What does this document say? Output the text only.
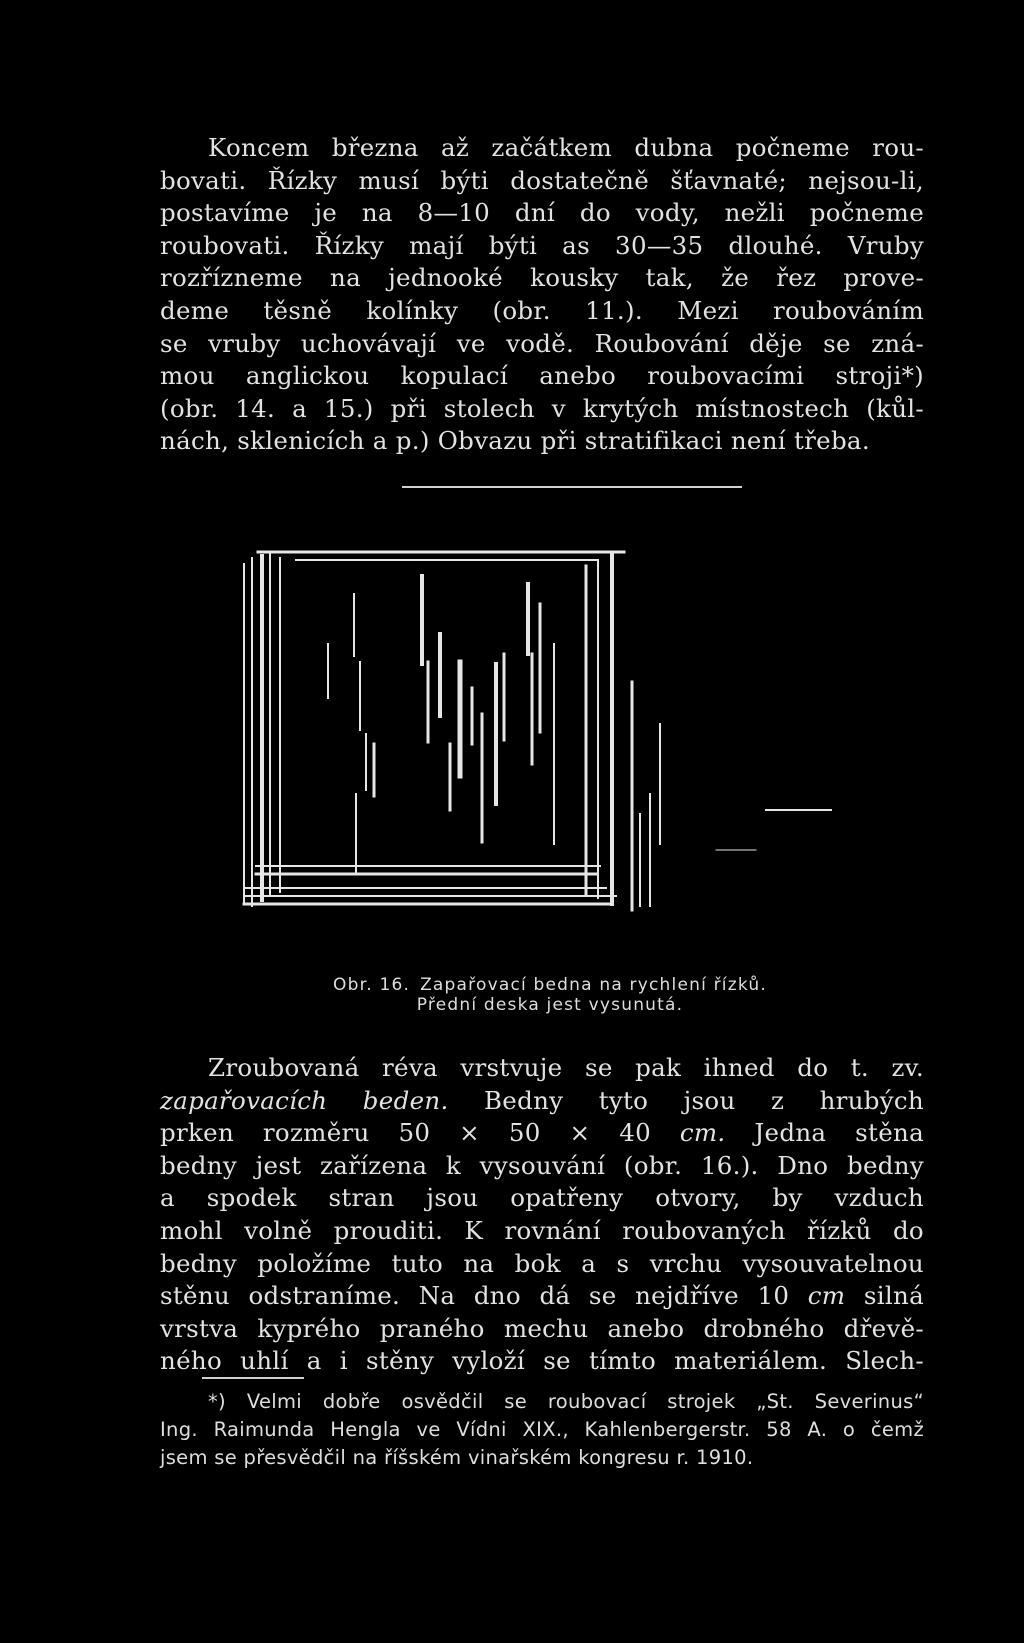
Koncem března až začátkem dubna počneme rou-
bovati. Řízky musí býti dostatečně šťavnaté; nejsou-li,
postavíme je na 8—10 dní do vody, nežli počneme
roubovati. Řízky mají býti as 30—35 dlouhé. Vruby
rozřízneme na jednooké kousky tak, že řez prove-
deme těsně kolínky (obr. 11.). Mezi roubováním
se vruby uchovávají ve vodě. Roubování děje se zná-
mou anglickou kopulací anebo roubovacími stroji*)
(obr. 14. a 15.) při stolech v krytých místnostech (kůl-
nách, sklenicích a p.) Obvazu při stratifikaci není třeba.
Obr. 16. Zapařovací bedna na rychlení řízků.
Přední deska jest vysunutá.
Zroubovaná réva vrstvuje se pak ihned do t. zv.
zapařovacích beden. Bedny tyto jsou z hrubých
prken rozměru 50 × 50 × 40 cm. Jedna stěna
bedny jest zařízena k vysouvání (obr. 16.). Dno bedny
a spodek stran jsou opatřeny otvory, by vzduch
mohl volně prouditi. K rovnání roubovaných řízků do
bedny položíme tuto na bok a s vrchu vysouvatelnou
stěnu odstraníme. Na dno dá se nejdříve 10 cm silná
vrstva kyprého praného mechu anebo drobného dřevě-
ného uhlí a i stěny vyloží se tímto materiálem. Slech-
*) Velmi dobře osvědčil se roubovací strojek „St. Severinus“
Ing. Raimunda Hengla ve Vídni XIX., Kahlenbergerstr. 58 A. o čemž
jsem se přesvědčil na říšském vinařském kongresu r. 1910.
